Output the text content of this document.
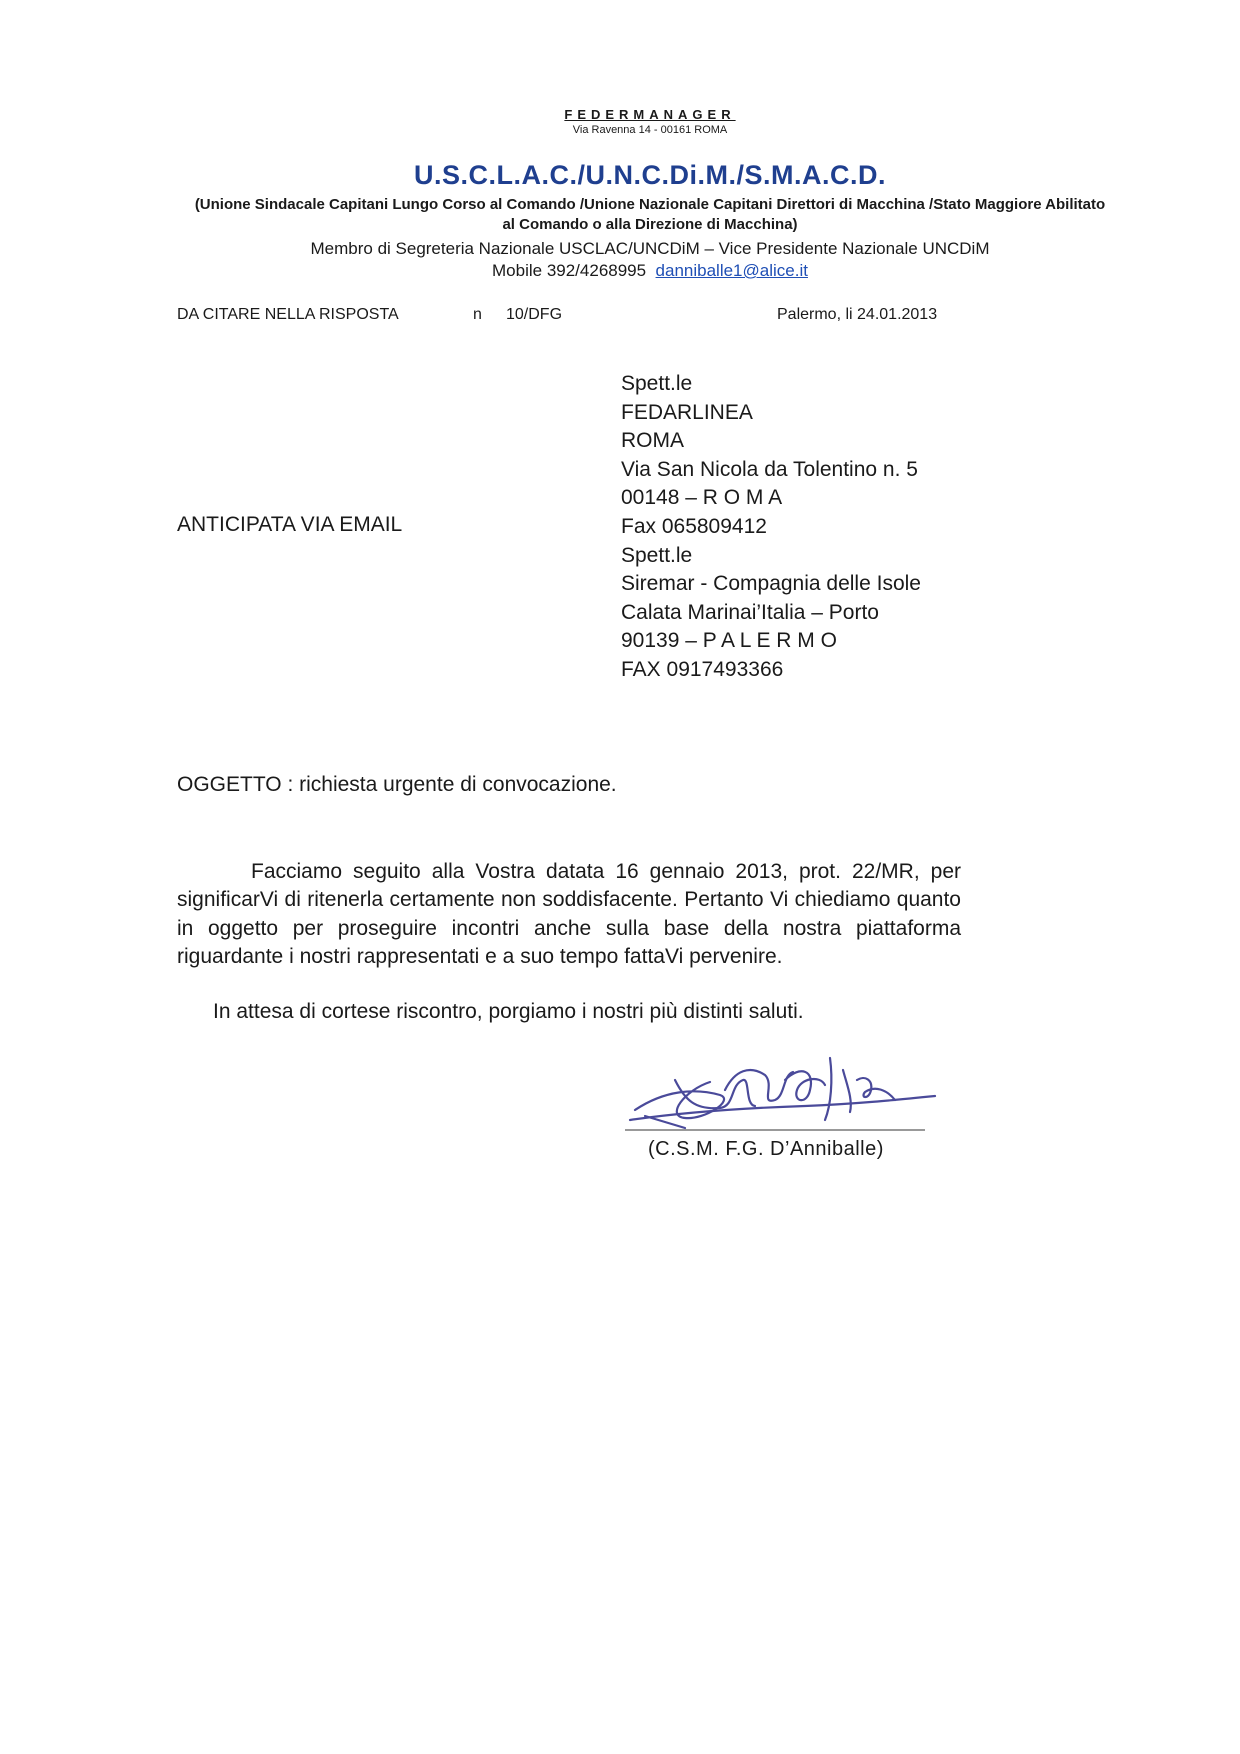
FEDERMANAGER
Via Ravenna 14 - 00161 ROMA
U.S.C.L.A.C./U.N.C.Di.M./S.M.A.C.D.
(Unione Sindacale Capitani Lungo Corso al Comando /Unione Nazionale Capitani Direttori di Macchina /Stato Maggiore Abilitato al Comando o alla Direzione di Macchina)
Membro di Segreteria Nazionale USCLAC/UNCDiM – Vice Presidente Nazionale UNCDiM
Mobile 392/4268995 danniballe1@alice.it
DA CITARE NELLA RISPOSTA	n 10/DFG	Palermo, li 24.01.2013
ANTICIPATA VIA EMAIL
Spett.le
FEDARLINEA
ROMA
Via San Nicola da Tolentino n. 5
00148 – R O M A
Fax 065809412
Spett.le
Siremar - Compagnia delle Isole
Calata Marinai’Italia – Porto
90139 – P A L E R M O
FAX 0917493366
OGGETTO : richiesta urgente di convocazione.

Facciamo seguito alla Vostra datata 16 gennaio 2013, prot. 22/MR, per significarVi di ritenerla certamente non soddisfacente. Pertanto Vi chiediamo quanto in oggetto per proseguire incontri anche sulla base della nostra piattaforma riguardante i nostri rappresentati e a suo tempo fattaVi pervenire.

In attesa di cortese riscontro, porgiamo i nostri più distinti saluti.
(C.S.M. F.G. D’Anniballe)
